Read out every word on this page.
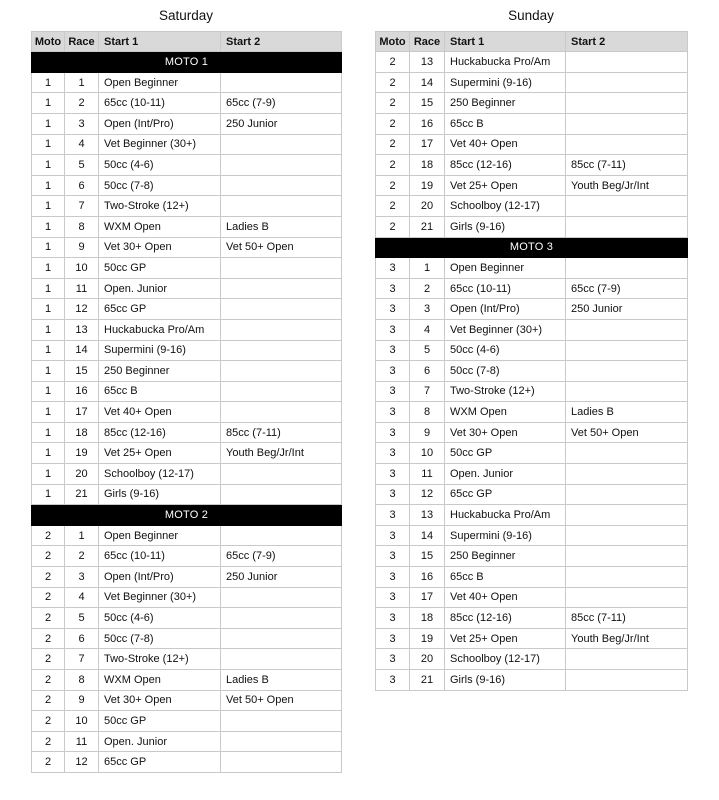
Saturday
Moto	Race	Start 1	Start 2
MOTO 1			
1	1	Open Beginner	
1	2	65cc (10-11)	65cc (7-9)
1	3	Open (Int/Pro)	250 Junior
1	4	Vet Beginner (30+)	
1	5	50cc (4-6)	
1	6	50cc (7-8)	
1	7	Two-Stroke (12+)	
1	8	WXM Open	Ladies B
1	9	Vet 30+ Open	Vet 50+ Open
1	10	50cc GP	
1	11	Open. Junior	
1	12	65cc GP	
1	13	Huckabucka Pro/Am	
1	14	Supermini (9-16)	
1	15	250 Beginner	
1	16	65cc B	
1	17	Vet 40+ Open	
1	18	85cc (12-16)	85cc (7-11)
1	19	Vet 25+ Open	Youth Beg/Jr/Int
1	20	Schoolboy (12-17)	
1	21	Girls (9-16)	
MOTO 2			
2	1	Open Beginner	
2	2	65cc (10-11)	65cc (7-9)
2	3	Open (Int/Pro)	250 Junior
2	4	Vet Beginner (30+)	
2	5	50cc (4-6)	
2	6	50cc (7-8)	
2	7	Two-Stroke (12+)	
2	8	WXM Open	Ladies B
2	9	Vet 30+ Open	Vet 50+ Open
2	10	50cc GP	
2	11	Open. Junior	
2	12	65cc GP	
Sunday
Moto	Race	Start 1	Start 2
2	13	Huckabucka Pro/Am	
2	14	Supermini (9-16)	
2	15	250 Beginner	
2	16	65cc B	
2	17	Vet 40+ Open	
2	18	85cc (12-16)	85cc (7-11)
2	19	Vet 25+ Open	Youth Beg/Jr/Int
2	20	Schoolboy (12-17)	
2	21	Girls (9-16)	
MOTO 3			
3	1	Open Beginner	
3	2	65cc (10-11)	65cc (7-9)
3	3	Open (Int/Pro)	250 Junior
3	4	Vet Beginner (30+)	
3	5	50cc (4-6)	
3	6	50cc (7-8)	
3	7	Two-Stroke (12+)	
3	8	WXM Open	Ladies B
3	9	Vet 30+ Open	Vet 50+ Open
3	10	50cc GP	
3	11	Open. Junior	
3	12	65cc GP	
3	13	Huckabucka Pro/Am	
3	14	Supermini (9-16)	
3	15	250 Beginner	
3	16	65cc B	
3	17	Vet 40+ Open	
3	18	85cc (12-16)	85cc (7-11)
3	19	Vet 25+ Open	Youth Beg/Jr/Int
3	20	Schoolboy (12-17)	
3	21	Girls (9-16)	
